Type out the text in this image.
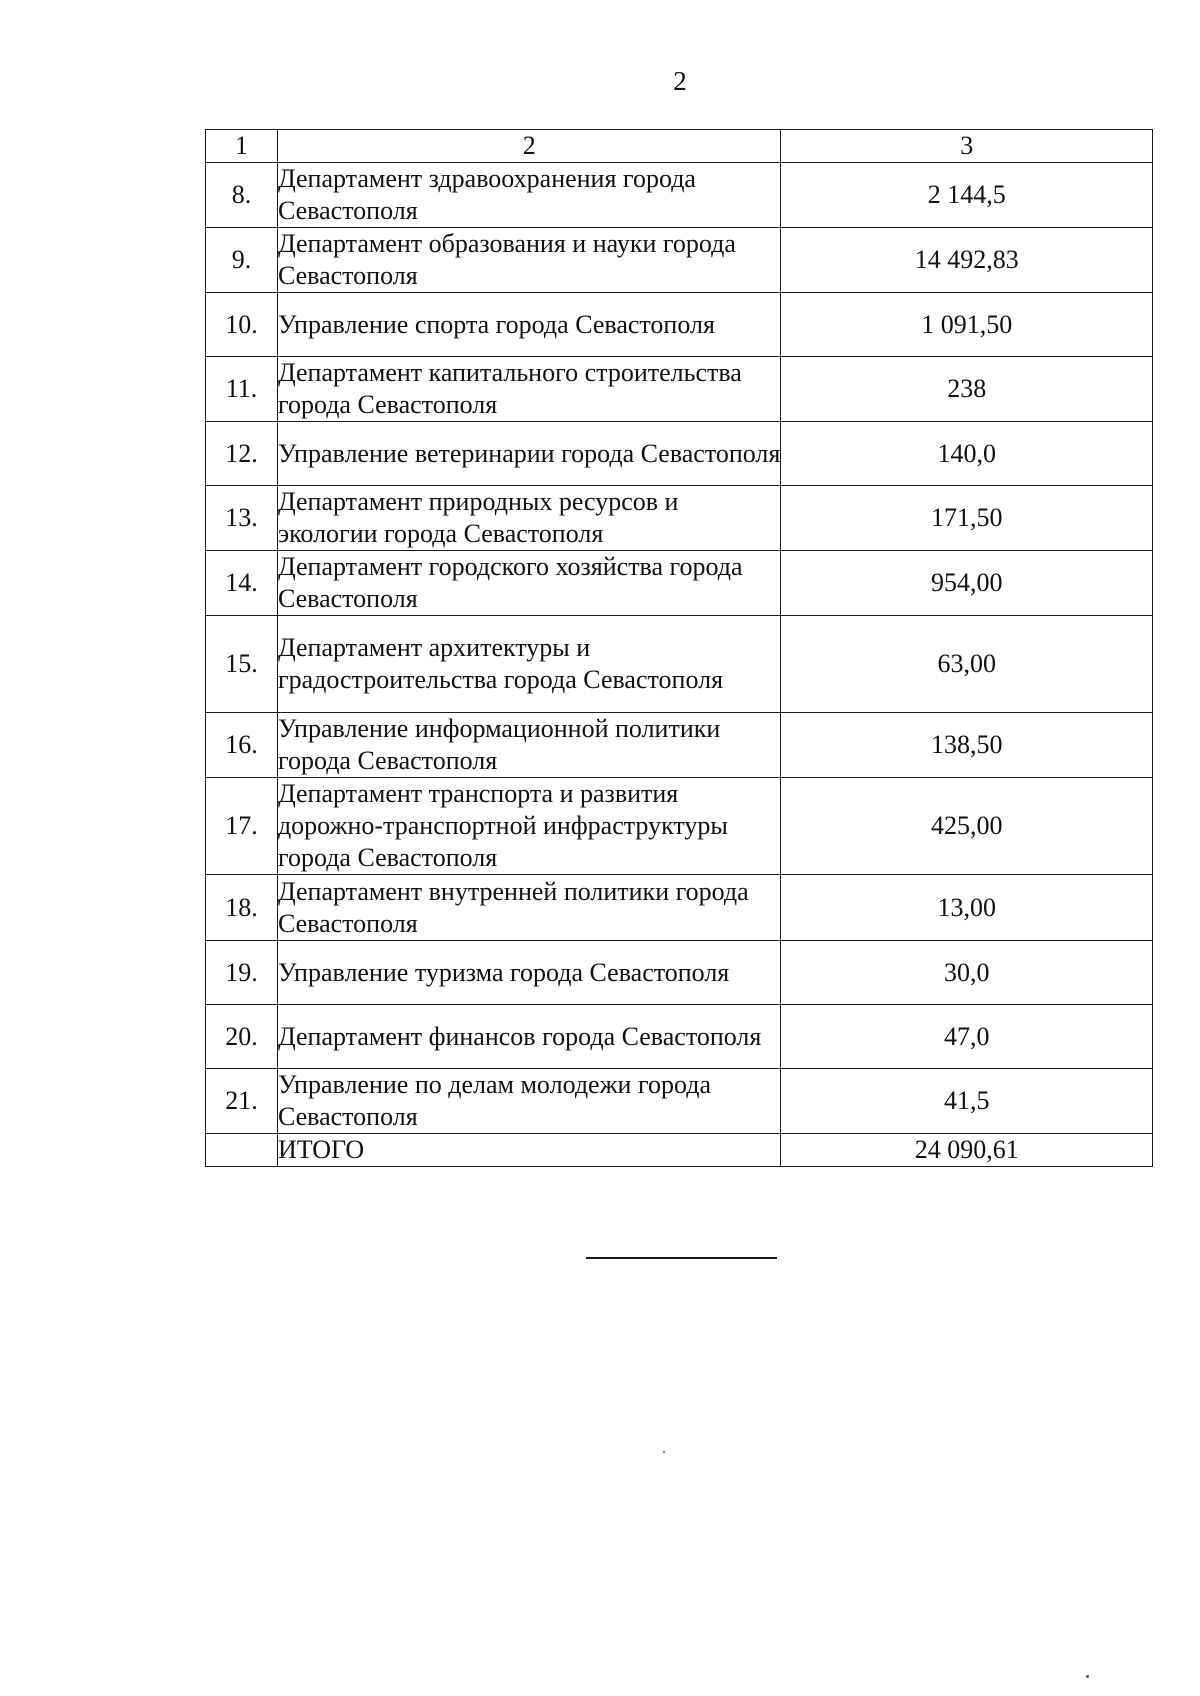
2
1	2	3
8.	Департамент здравоохранения города Севастополя	2 144,5
9.	Департамент образования и науки города Севастополя	14 492,83
10.	Управление спорта города Севастополя	1 091,50
11.	Департамент капитального строительства города Севастополя	238
12.	Управление ветеринарии города Севастополя	140,0
13.	Департамент природных ресурсов и экологии города Севастополя	171,50
14.	Департамент городского хозяйства города Севастополя	954,00
15.	Департамент архитектуры и градостроительства города Севастополя	63,00
16.	Управление информационной политики города Севастополя	138,50
17.	Департамент транспорта и развития дорожно-транспортной инфраструктуры города Севастополя	425,00
18.	Департамент внутренней политики города Севастополя	13,00
19.	Управление туризма города Севастополя	30,0
20.	Департамент финансов города Севастополя	47,0
21.	Управление по делам молодежи города Севастополя	41,5
	ИТОГО	24 090,61
